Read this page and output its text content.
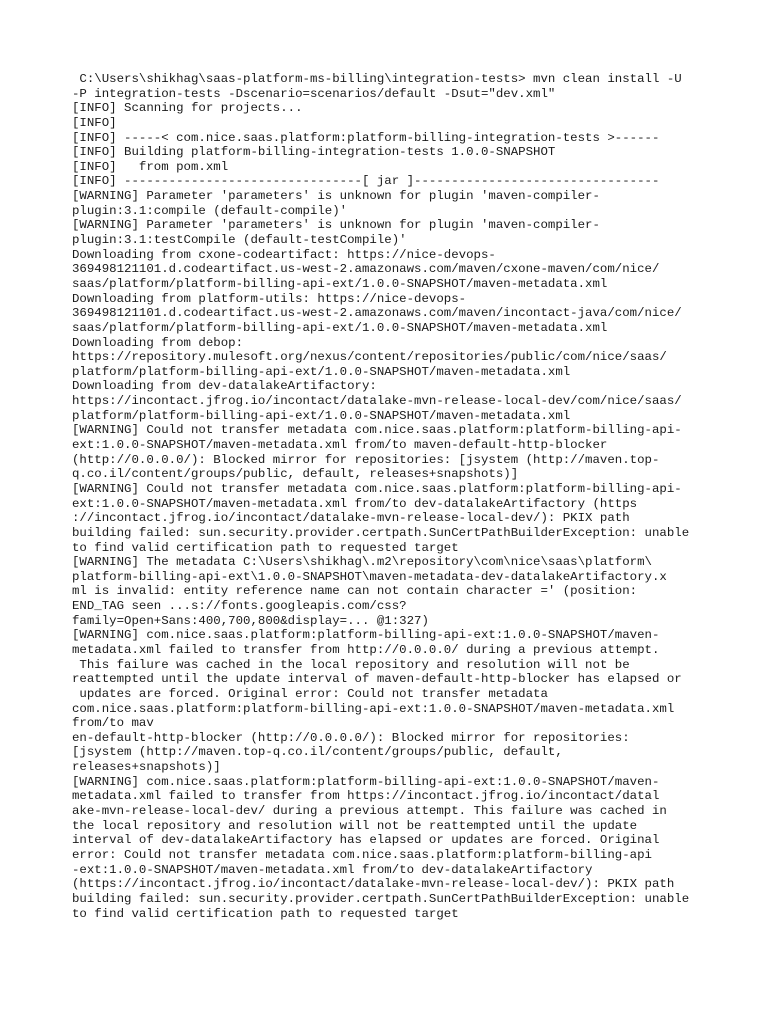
C:\Users\shikhag\saas-platform-ms-billing\integration-tests> mvn clean install -U
-P integration-tests -Dscenario=scenarios/default -Dsut="dev.xml"
[INFO] Scanning for projects...
[INFO]
[INFO] -----< com.nice.saas.platform:platform-billing-integration-tests >------
[INFO] Building platform-billing-integration-tests 1.0.0-SNAPSHOT
[INFO]   from pom.xml
[INFO] --------------------------------[ jar ]---------------------------------
[WARNING] Parameter 'parameters' is unknown for plugin 'maven-compiler-
plugin:3.1:compile (default-compile)'
[WARNING] Parameter 'parameters' is unknown for plugin 'maven-compiler-
plugin:3.1:testCompile (default-testCompile)'
Downloading from cxone-codeartifact: https://nice-devops-
369498121101.d.codeartifact.us-west-2.amazonaws.com/maven/cxone-maven/com/nice/
saas/platform/platform-billing-api-ext/1.0.0-SNAPSHOT/maven-metadata.xml
Downloading from platform-utils: https://nice-devops-
369498121101.d.codeartifact.us-west-2.amazonaws.com/maven/incontact-java/com/nice/
saas/platform/platform-billing-api-ext/1.0.0-SNAPSHOT/maven-metadata.xml
Downloading from debop:
https://repository.mulesoft.org/nexus/content/repositories/public/com/nice/saas/
platform/platform-billing-api-ext/1.0.0-SNAPSHOT/maven-metadata.xml
Downloading from dev-datalakeArtifactory:
https://incontact.jfrog.io/incontact/datalake-mvn-release-local-dev/com/nice/saas/
platform/platform-billing-api-ext/1.0.0-SNAPSHOT/maven-metadata.xml
[WARNING] Could not transfer metadata com.nice.saas.platform:platform-billing-api-
ext:1.0.0-SNAPSHOT/maven-metadata.xml from/to maven-default-http-blocker
(http://0.0.0.0/): Blocked mirror for repositories: [jsystem (http://maven.top-
q.co.il/content/groups/public, default, releases+snapshots)]
[WARNING] Could not transfer metadata com.nice.saas.platform:platform-billing-api-
ext:1.0.0-SNAPSHOT/maven-metadata.xml from/to dev-datalakeArtifactory (https
://incontact.jfrog.io/incontact/datalake-mvn-release-local-dev/): PKIX path
building failed: sun.security.provider.certpath.SunCertPathBuilderException: unable
to find valid certification path to requested target
[WARNING] The metadata C:\Users\shikhag\.m2\repository\com\nice\saas\platform\
platform-billing-api-ext\1.0.0-SNAPSHOT\maven-metadata-dev-datalakeArtifactory.x
ml is invalid: entity reference name can not contain character =' (position:
END_TAG seen ...s://fonts.googleapis.com/css?
family=Open+Sans:400,700,800&display=... @1:327)
[WARNING] com.nice.saas.platform:platform-billing-api-ext:1.0.0-SNAPSHOT/maven-
metadata.xml failed to transfer from http://0.0.0.0/ during a previous attempt.
This failure was cached in the local repository and resolution will not be
reattempted until the update interval of maven-default-http-blocker has elapsed or
updates are forced. Original error: Could not transfer metadata
com.nice.saas.platform:platform-billing-api-ext:1.0.0-SNAPSHOT/maven-metadata.xml
from/to mav
en-default-http-blocker (http://0.0.0.0/): Blocked mirror for repositories:
[jsystem (http://maven.top-q.co.il/content/groups/public, default,
releases+snapshots)]
[WARNING] com.nice.saas.platform:platform-billing-api-ext:1.0.0-SNAPSHOT/maven-
metadata.xml failed to transfer from https://incontact.jfrog.io/incontact/datal
ake-mvn-release-local-dev/ during a previous attempt. This failure was cached in
the local repository and resolution will not be reattempted until the update
interval of dev-datalakeArtifactory has elapsed or updates are forced. Original
error: Could not transfer metadata com.nice.saas.platform:platform-billing-api
-ext:1.0.0-SNAPSHOT/maven-metadata.xml from/to dev-datalakeArtifactory
(https://incontact.jfrog.io/incontact/datalake-mvn-release-local-dev/): PKIX path
building failed: sun.security.provider.certpath.SunCertPathBuilderException: unable
to find valid certification path to requested target
